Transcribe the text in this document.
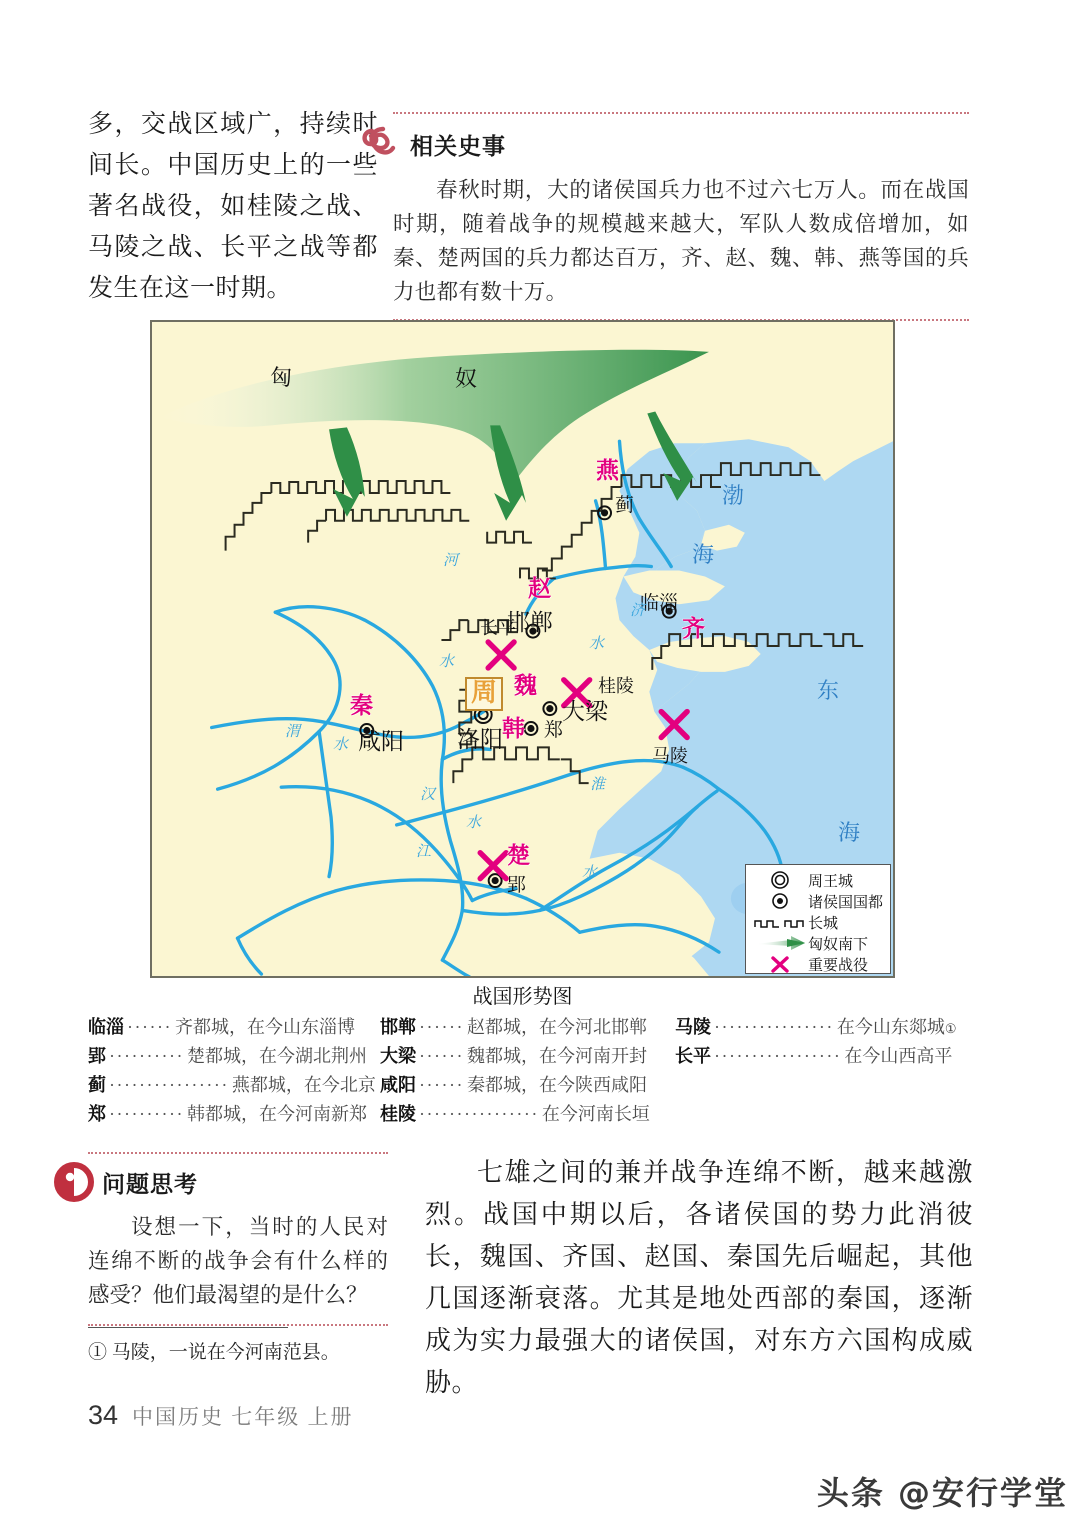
多，交战区域广，持续时间长。中国历史上的一些著名战役，如桂陵之战、马陵之战、长平之战等都发生在这一时期。
相关史事
春秋时期，大的诸侯国兵力也不过六七万人。而在战国时期，随着战争的规模越来越大，军队人数成倍增加，如秦、楚两国的兵力都达百万，齐、赵、魏、韩、燕等国的兵力也都有数十万。
匈	奴
燕
蓟
赵
邯郸	齐
临淄
长平
桂陵
马陵
魏
大梁
韩 郑
秦
咸阳
周
洛阳
楚
郢
渤
海
东
海
河
水
渭
水
济
水
淮
水
汉
水
江
周王城
诸侯国国都
长城
匈奴南下
重要战役
战国形势图
临淄 ······ 齐都城，在今山东淄博 邯郸 ······ 赵都城，在今河北邯郸 马陵 ················ 在今山东郯城 ①
郢 ·········· 楚都城，在今湖北荆州 大梁 ······ 魏都城，在今河南开封 长平 ················· 在今山西高平
蓟 ················ 燕都城，在今北京 咸阳 ······ 秦都城，在今陕西咸阳
郑 ·········· 韩都城，在今河南新郑 桂陵 ················ 在今河南长垣
问题思考
设想一下，当时的人民对连绵不断的战争会有什么样的感受？他们最渴望的是什么？
七雄之间的兼并战争连绵不断，越来越激烈。战国中期以后，各诸侯国的势力此消彼长，魏国、齐国、赵国、秦国先后崛起，其他几国逐渐衰落。尤其是地处西部的秦国，逐渐成为实力最强大的诸侯国，对东方六国构成威胁。
① 马陵，一说在今河南范县。
34 中国历史 七年级 上册
头条 @安行学堂
